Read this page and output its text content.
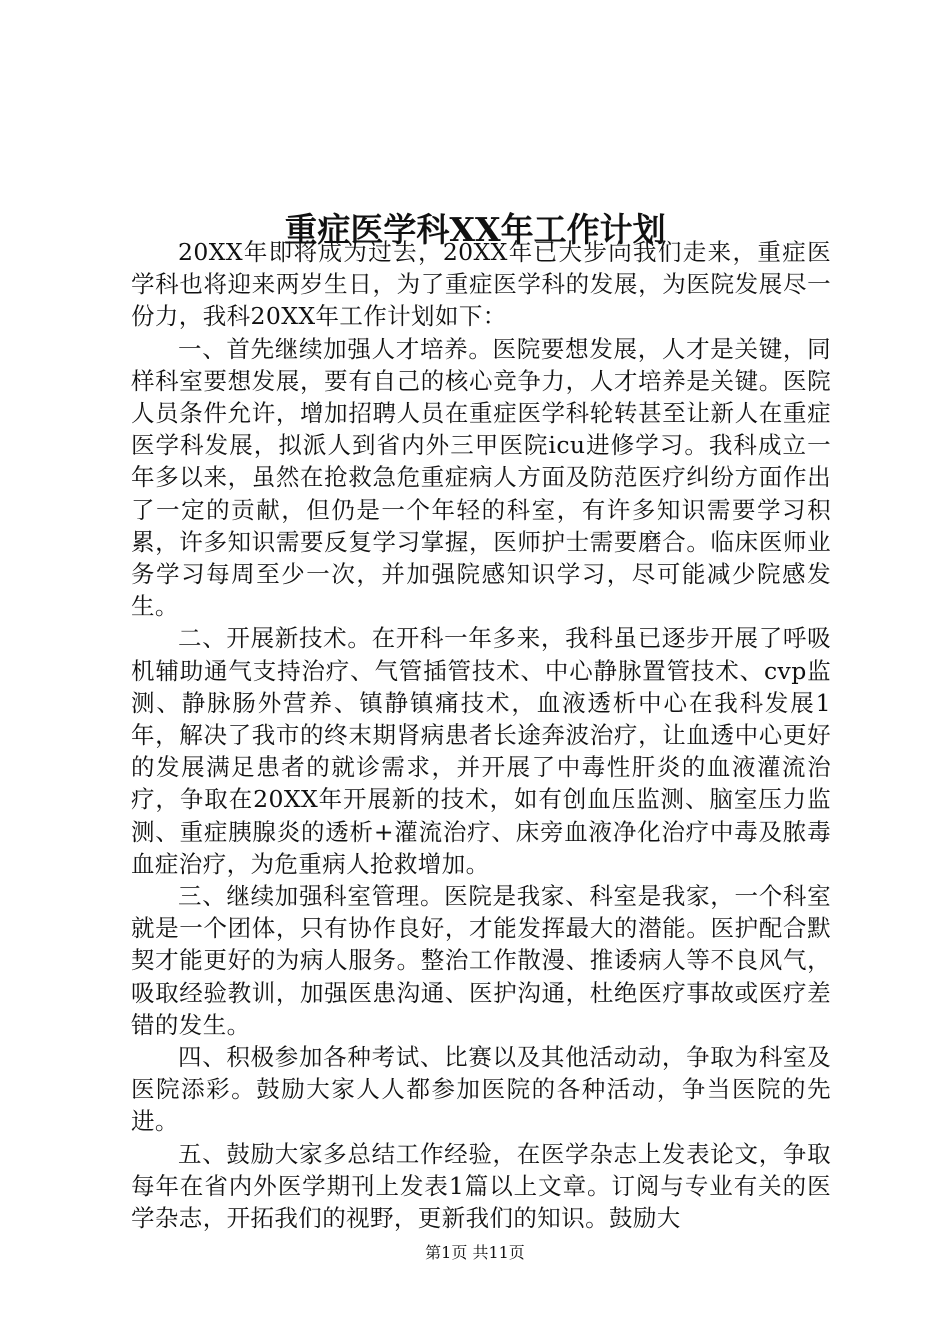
重症医学科XX年工作计划

20XX年即将成为过去，20XX年已大步向我们走来，重症医学科也将迎来两岁生日，为了重症医学科的发展，为医院发展尽一份力，我科20XX年工作计划如下：

一、首先继续加强人才培养。医院要想发展，人才是关键，同样科室要想发展，要有自己的核心竞争力，人才培养是关键。医院人员条件允许，增加招聘人员在重症医学科轮转甚至让新人在重症医学科发展，拟派人到省内外三甲医院icu进修学习。我科成立一年多以来，虽然在抢救急危重症病人方面及防范医疗纠纷方面作出了一定的贡献，但仍是一个年轻的科室，有许多知识需要学习积累，许多知识需要反复学习掌握，医师护士需要磨合。临床医师业务学习每周至少一次，并加强院感知识学习，尽可能减少院感发生。

二、开展新技术。在开科一年多来，我科虽已逐步开展了呼吸机辅助通气支持治疗、气管插管技术、中心静脉置管技术、cvp监测、静脉肠外营养、镇静镇痛技术，血液透析中心在我科发展1年，解决了我市的终末期肾病患者长途奔波治疗，让血透中心更好的发展满足患者的就诊需求，并开展了中毒性肝炎的血液灌流治疗，争取在20XX年开展新的技术，如有创血压监测、脑室压力监测、重症胰腺炎的透析+灌流治疗、床旁血液净化治疗中毒及脓毒血症治疗，为危重病人抢救增加。

三、继续加强科室管理。医院是我家、科室是我家，一个科室就是一个团体，只有协作良好，才能发挥最大的潜能。医护配合默契才能更好的为病人服务。整治工作散漫、推诿病人等不良风气，吸取经验教训，加强医患沟通、医护沟通，杜绝医疗事故或医疗差错的发生。

四、积极参加各种考试、比赛以及其他活动动，争取为科室及医院添彩。鼓励大家人人都参加医院的各种活动，争当医院的先进。

五、鼓励大家多总结工作经验，在医学杂志上发表论文，争取每年在省内外医学期刊上发表1篇以上文章。订阅与专业有关的医学杂志，开拓我们的视野，更新我们的知识。鼓励大

第1页 共11页
